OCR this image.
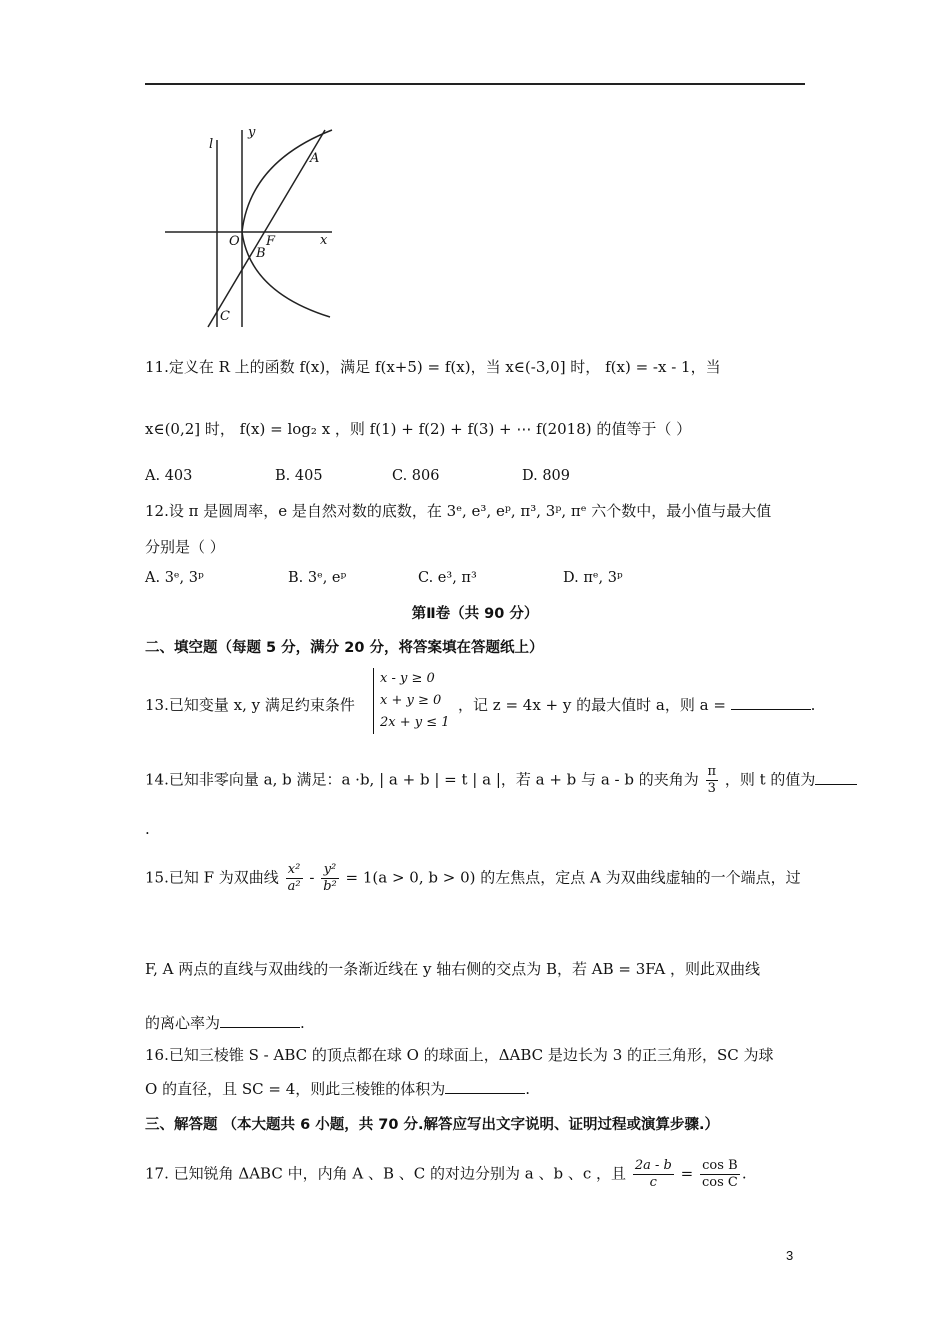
l
y
x
A
O F
B
C
11.定义在 R 上的函数 f(x)，满足 f(x+5) = f(x)，当 x∈(-3,0] 时， f(x) = -x - 1，当
x∈(0,2] 时， f(x) = log₂ x ，则 f(1) + f(2) + f(3) + ⋯ f(2018) 的值等于（ ）
A. 403	B. 405	C. 806	D. 809
12.设 π 是圆周率，e 是自然对数的底数，在 3ᵉ, e³, eᵖ, π³, 3ᵖ, πᵉ 六个数中，最小值与最大值
分别是（ ）
A. 3ᵉ, 3ᵖ	B. 3ᵉ, eᵖ	C. e³, π³	D. πᵉ, 3ᵖ
第Ⅱ卷（共 90 分）
二、填空题（每题 5 分，满分 20 分，将答案填在答题纸上）
13.已知变量 x, y 满足约束条件
x - y ≥ 0
x + y ≥ 0
2x + y ≤ 1
，记 z = 4x + y 的最大值时 a，则 a =	.
14.已知非零向量 a, b 满足：a ·b, | a + b | = t | a |，若 a + b 与 a - b 的夹角为 $\frac{\pi}{3}$ ，则 t 的值为
.
15.已知 F 为双曲线 $\frac{\text{x²}}{\text{a²}} - \frac{\text{y²}}{\text{b²}} = 1(a > 0$, b > 0) 的左焦点，定点 A 为双曲线虚轴的一个端点，过
F, A 两点的直线与双曲线的一条渐近线在 y 轴右侧的交点为 B，若 AB = 3FA ，则此双曲线
的离心率为	.
16.已知三棱锥 S - ABC 的顶点都在球 O 的球面上，ΔABC 是边长为 3 的正三角形，SC 为球
O 的直径，且 SC = 4，则此三棱锥的体积为	.
三、解答题 （本大题共 6 小题，共 70 分.解答应写出文字说明、证明过程或演算步骤.）
17. 已知锐角 ΔABC 中，内角 A 、B 、C 的对边分别为 a 、b 、c ，且 $\frac{2a - b}{c} = \frac{\text{cos B}}{\text{cos C}}$ .
3
